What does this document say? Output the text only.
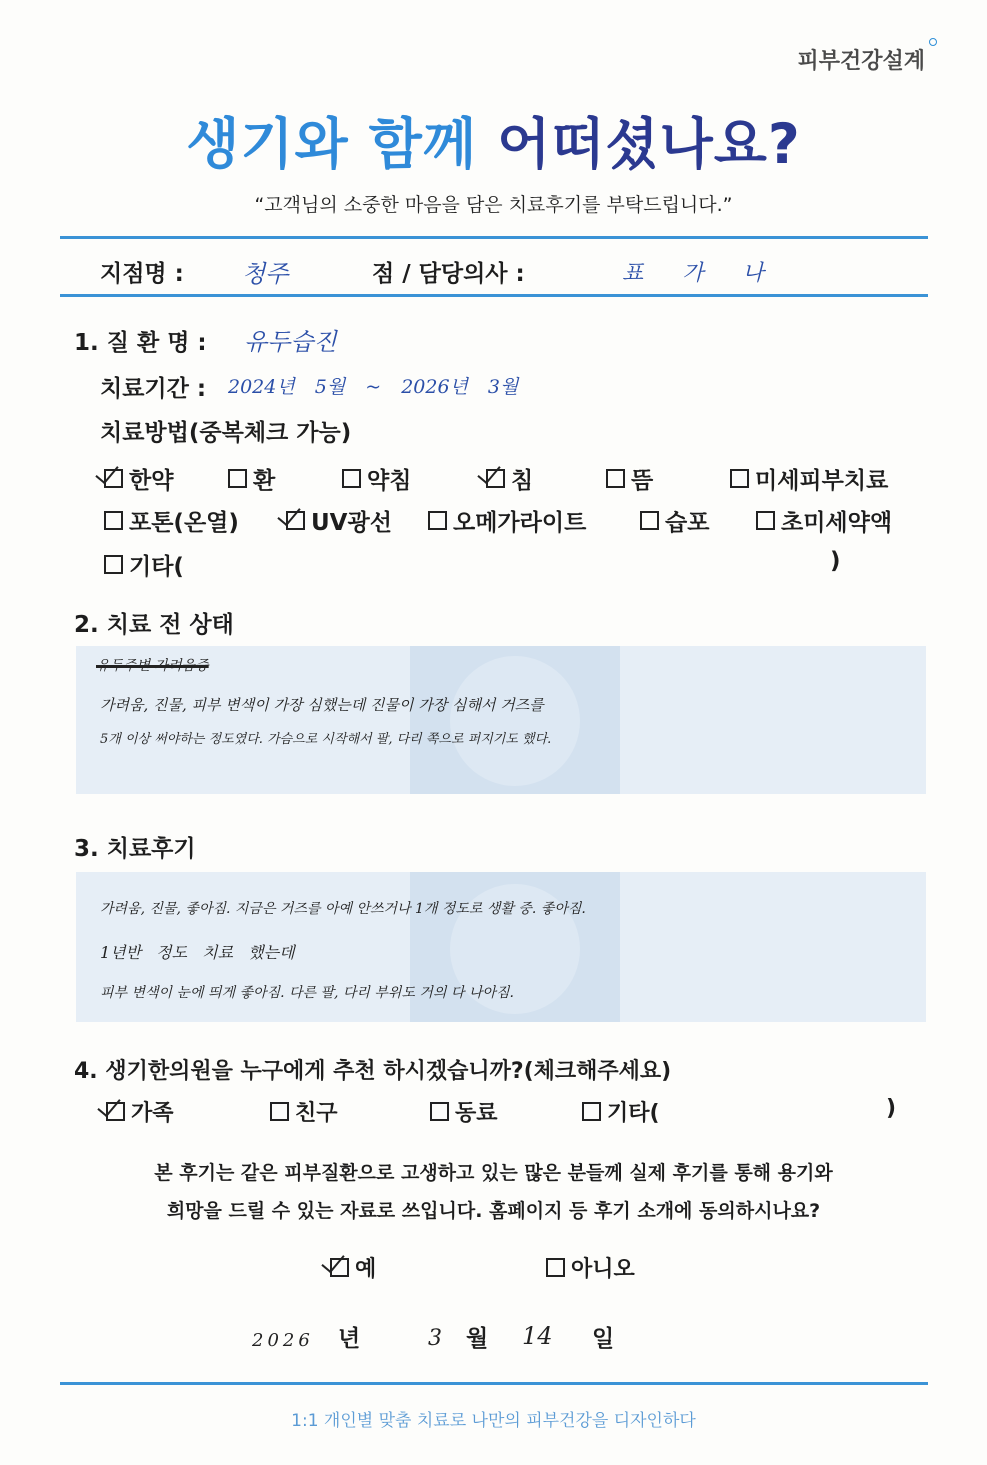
피부건강설계
생기와 함께 어떠셨나요?
“고객님의 소중한 마음을 담은 치료후기를 부탁드립니다.”
지점명 : 청주	점 / 담당의사 :	표 가 나
1. 질 환 명 : 유두습진
치료기간 : 2024년 5월 ~ 2026년 3월
치료방법(중복체크 가능)
한약	환	약침	침	뜸	미세피부치료
포톤(온열)	UV광선	오메가라이트	습포	초미세약액
기타(	)
2. 치료 전 상태
유두주변 가려움증
가려움, 진물, 피부 변색이 가장 심했는데 진물이 가장 심해서 거즈를
5개 이상 써야하는 정도였다. 가슴으로 시작해서 팔, 다리 쪽으로 퍼지기도 했다.
3. 치료후기
가려움, 진물, 좋아짐. 지금은 거즈를 아예 안쓰거나 1개 정도로 생활 중. 좋아짐.
1년반 정도 치료 했는데
피부 변색이 눈에 띄게 좋아짐. 다른 팔, 다리 부위도 거의 다 나아짐.
4. 생기한의원을 누구에게 추천 하시겠습니까?(체크해주세요)
가족	친구	동료	기타(	)
본 후기는 같은 피부질환으로 고생하고 있는 많은 분들께 실제 후기를 통해 용기와
희망을 드릴 수 있는 자료로 쓰입니다. 홈페이지 등 후기 소개에 동의하시나요?
예	아니오
2026 년	3 월 14 일
1:1 개인별 맞춤 치료로 나만의 피부건강을 디자인하다
